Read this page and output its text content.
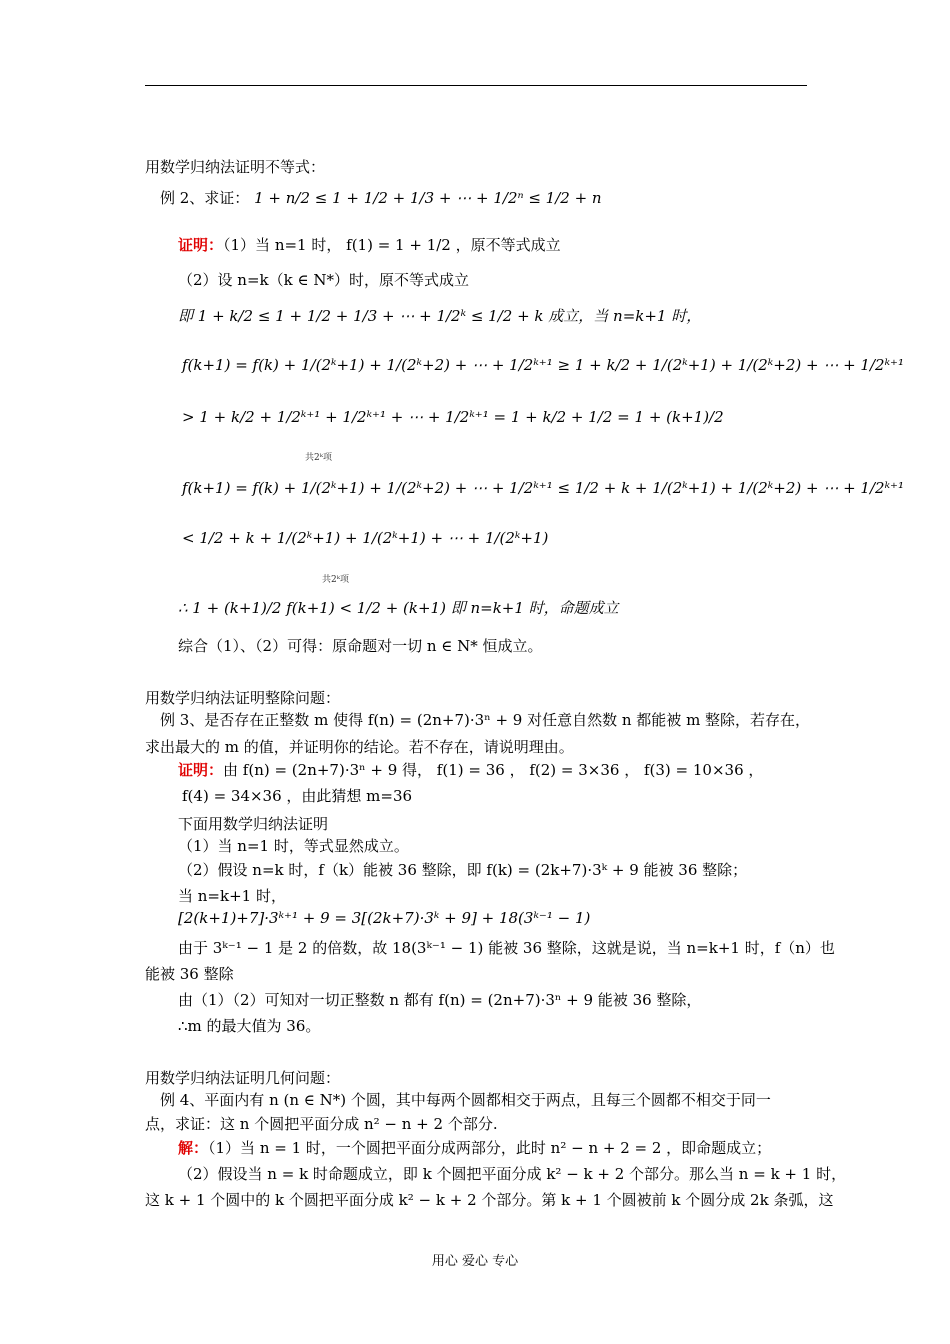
用数学归纳法证明不等式：
例 2、求证： 1 + n/2 ≤ 1 + 1/2 + 1/3 + ⋯ + 1/2ⁿ ≤ 1/2 + n
证明：（1）当 n=1 时， f(1) = 1 + 1/2 ，原不等式成立
（2）设 n=k（k ∈ N*）时，原不等式成立
即 1 + k/2 ≤ 1 + 1/2 + 1/3 + ⋯ + 1/2ᵏ ≤ 1/2 + k 成立，当 n=k+1 时，
f(k+1) = f(k) + 1/(2ᵏ+1) + 1/(2ᵏ+2) + ⋯ + 1/2ᵏ⁺¹ ≥ 1 + k/2 + 1/(2ᵏ+1) + 1/(2ᵏ+2) + ⋯ + 1/2ᵏ⁺¹
> 1 + k/2 + 1/2ᵏ⁺¹ + 1/2ᵏ⁺¹ + ⋯ + 1/2ᵏ⁺¹ = 1 + k/2 + 1/2 = 1 + (k+1)/2
共2ᵏ项
f(k+1) = f(k) + 1/(2ᵏ+1) + 1/(2ᵏ+2) + ⋯ + 1/2ᵏ⁺¹ ≤ 1/2 + k + 1/(2ᵏ+1) + 1/(2ᵏ+2) + ⋯ + 1/2ᵏ⁺¹
< 1/2 + k + 1/(2ᵏ+1) + 1/(2ᵏ+1) + ⋯ + 1/(2ᵏ+1)
共2ᵏ项
∴ 1 + (k+1)/2 f(k+1) < 1/2 + (k+1) 即 n=k+1 时，命题成立
综合（1）、（2）可得：原命题对一切 n ∈ N* 恒成立。
用数学归纳法证明整除问题：
例 3、是否存在正整数 m 使得 f(n) = (2n+7)·3ⁿ + 9 对任意自然数 n 都能被 m 整除，若存在，
求出最大的 m 的值，并证明你的结论。若不存在，请说明理由。
证明：由 f(n) = (2n+7)·3ⁿ + 9 得， f(1) = 36 ， f(2) = 3×36 ， f(3) = 10×36 ，
f(4) = 34×36 ，由此猜想 m=36
下面用数学归纳法证明
（1）当 n=1 时，等式显然成立。
（2）假设 n=k 时，f（k）能被 36 整除，即 f(k) = (2k+7)·3ᵏ + 9 能被 36 整除；
当 n=k+1 时，
[2(k+1)+7]·3ᵏ⁺¹ + 9 = 3[(2k+7)·3ᵏ + 9] + 18(3ᵏ⁻¹ − 1)
由于 3ᵏ⁻¹ − 1 是 2 的倍数，故 18(3ᵏ⁻¹ − 1) 能被 36 整除，这就是说，当 n=k+1 时，f（n）也
能被 36 整除
由（1）（2）可知对一切正整数 n 都有 f(n) = (2n+7)·3ⁿ + 9 能被 36 整除，
∴m 的最大值为 36。
用数学归纳法证明几何问题：
例 4、平面内有 n (n ∈ N*) 个圆，其中每两个圆都相交于两点，且每三个圆都不相交于同一
点，求证：这 n 个圆把平面分成 n² − n + 2 个部分.
解：（1）当 n = 1 时，一个圆把平面分成两部分，此时 n² − n + 2 = 2 ，即命题成立；
（2）假设当 n = k 时命题成立，即 k 个圆把平面分成 k² − k + 2 个部分。那么当 n = k + 1 时，
这 k + 1 个圆中的 k 个圆把平面分成 k² − k + 2 个部分。第 k + 1 个圆被前 k 个圆分成 2k 条弧，这
用心 爱心 专心
